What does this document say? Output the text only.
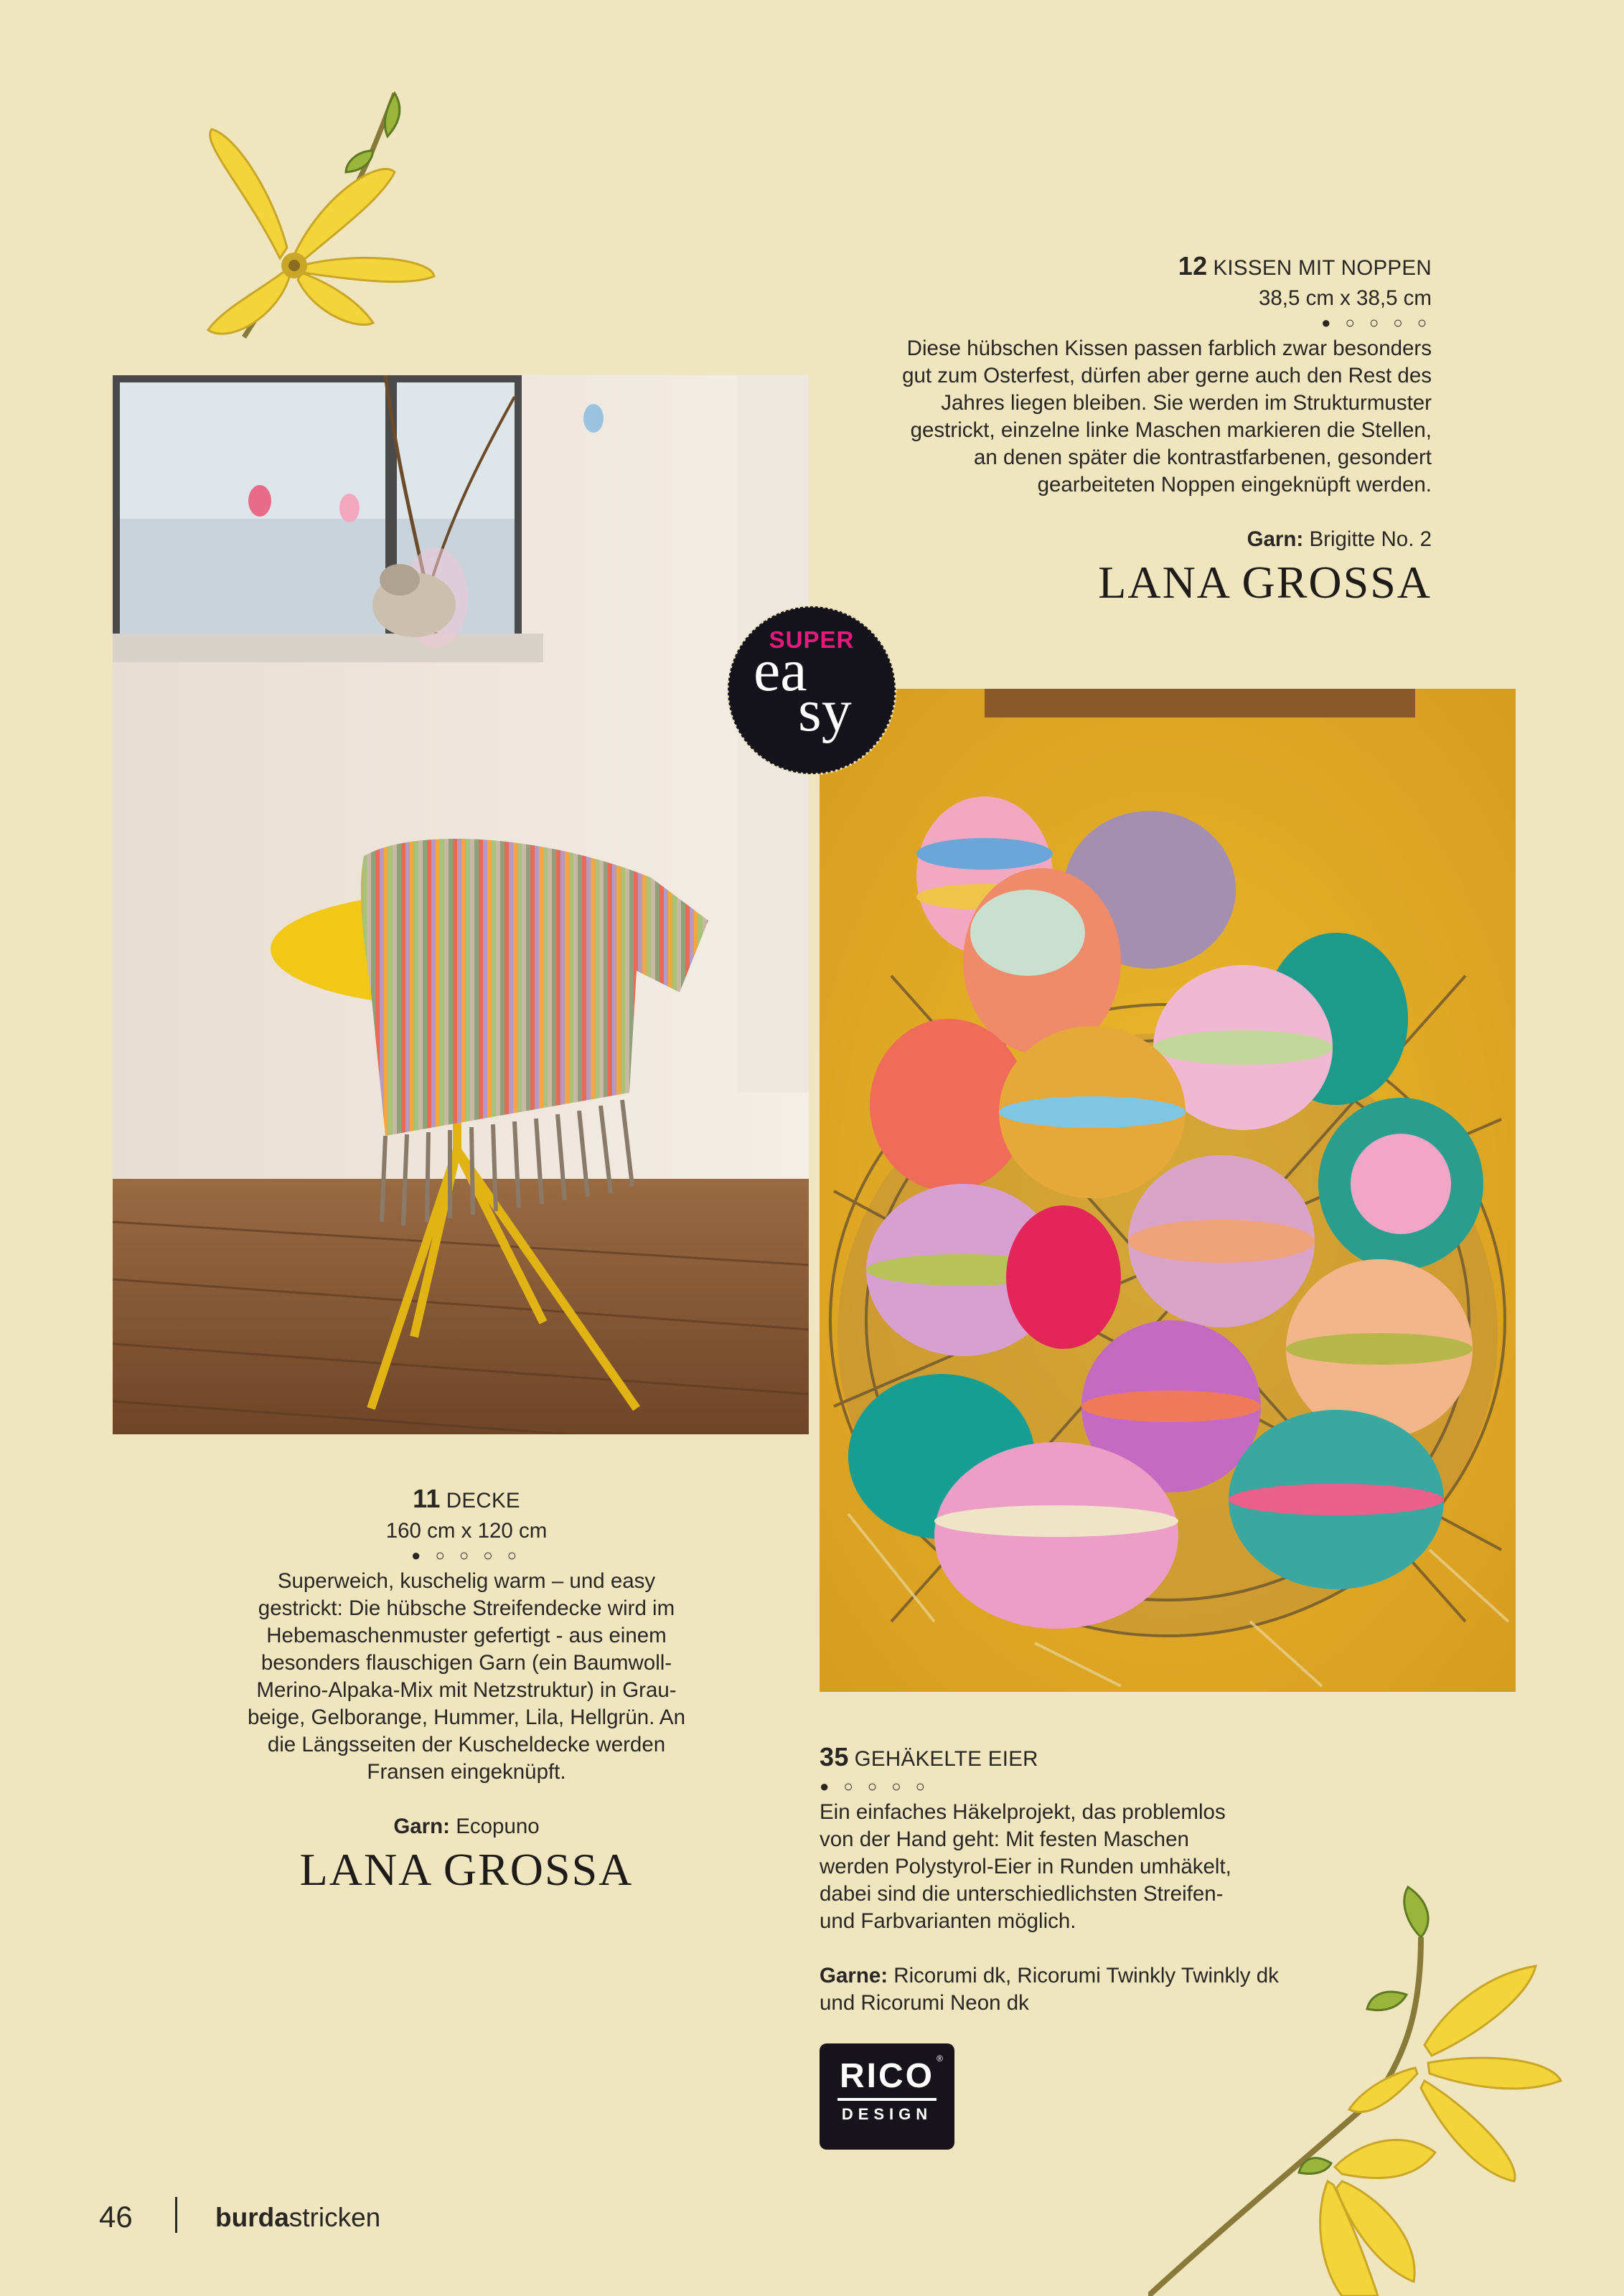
SUPER
ea
sy
12 KISSEN MIT NOPPEN
38,5 cm x 38,5 cm
● ○ ○ ○ ○
Diese hübschen Kissen passen farblich zwar besonders
gut zum Osterfest, dürfen aber gerne auch den Rest des
Jahres liegen bleiben. Sie werden im Strukturmuster
gestrickt, einzelne linke Maschen markieren die Stellen,
an denen später die kontrastfarbenen, gesondert
gearbeiteten Noppen eingeknüpft werden.
Garn: Brigitte No. 2
LANA GROSSA
11 DECKE
160 cm x 120 cm
● ○ ○ ○ ○
Superweich, kuschelig warm – und easy
gestrickt: Die hübsche Streifendecke wird im
Hebemaschenmuster gefertigt - aus einem
besonders flauschigen Garn (ein Baumwoll-
Merino-Alpaka-Mix mit Netzstruktur) in Grau-
beige, Gelborange, Hummer, Lila, Hellgrün. An
die Längsseiten der Kuscheldecke werden
Fransen eingeknüpft.
Garn: Ecopuno
LANA GROSSA
35 GEHÄKELTE EIER
● ○ ○ ○ ○
Ein einfaches Häkelprojekt, das problemlos
von der Hand geht: Mit festen Maschen
werden Polystyrol-Eier in Runden umhäkelt,
dabei sind die unterschiedlichsten Streifen-
und Farbvarianten möglich.
Garne: Ricorumi dk, Ricorumi Twinkly Twinkly dk
und Ricorumi Neon dk
®
RICO
DESIGN
46	burdastricken
